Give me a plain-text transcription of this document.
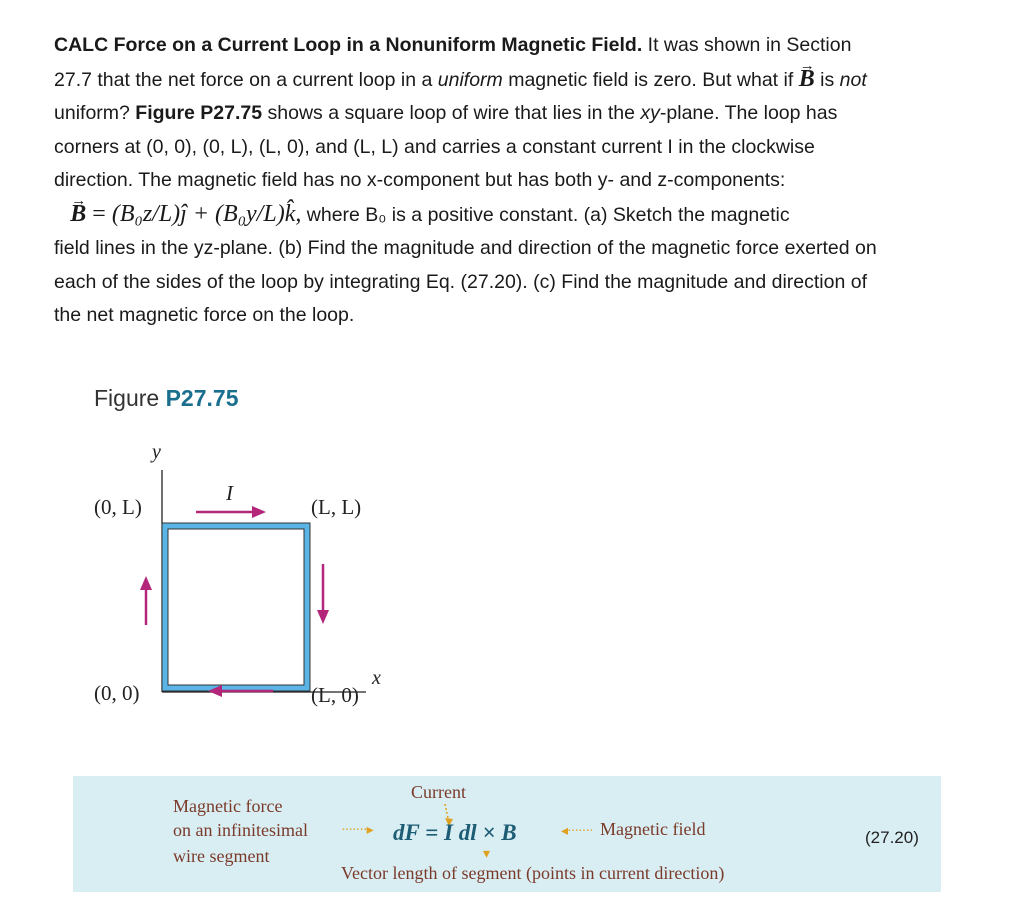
CALC Force on a Current Loop in a Nonuniform Magnetic Field. It was shown in Section

27.7 that the net force on a current loop in a uniform magnetic field is zero. But what if → B is not

uniform? Figure P27.75 shows a square loop of wire that lies in the xy-plane. The loop has

corners at (0, 0), (0, L), (L, 0), and (L, L) and carries a constant current I in the clockwise

direction. The magnetic field has no x-component but has both y- and z-components:

→ B = (B₀z/L)ĵ + (B₀y/L)k̂, where B₀ is a positive constant. (a) Sketch the magnetic

field lines in the yz-plane. (b) Find the magnitude and direction of the magnetic force exerted on

each of the sides of the loop by integrating Eq. (27.20). (c) Find the magnitude and direction of

the net magnetic force on the loop.

Figure P27.75
y
x
(0, L)	(L, L)
(0, 0)	(L, 0)
I
Current
Magnetic force
on an infinitesimal
wire segment
·······▸ dF = I dl × B	◂······· Magnetic field
▾
Vector length of segment (points in current direction)
(27.20)
